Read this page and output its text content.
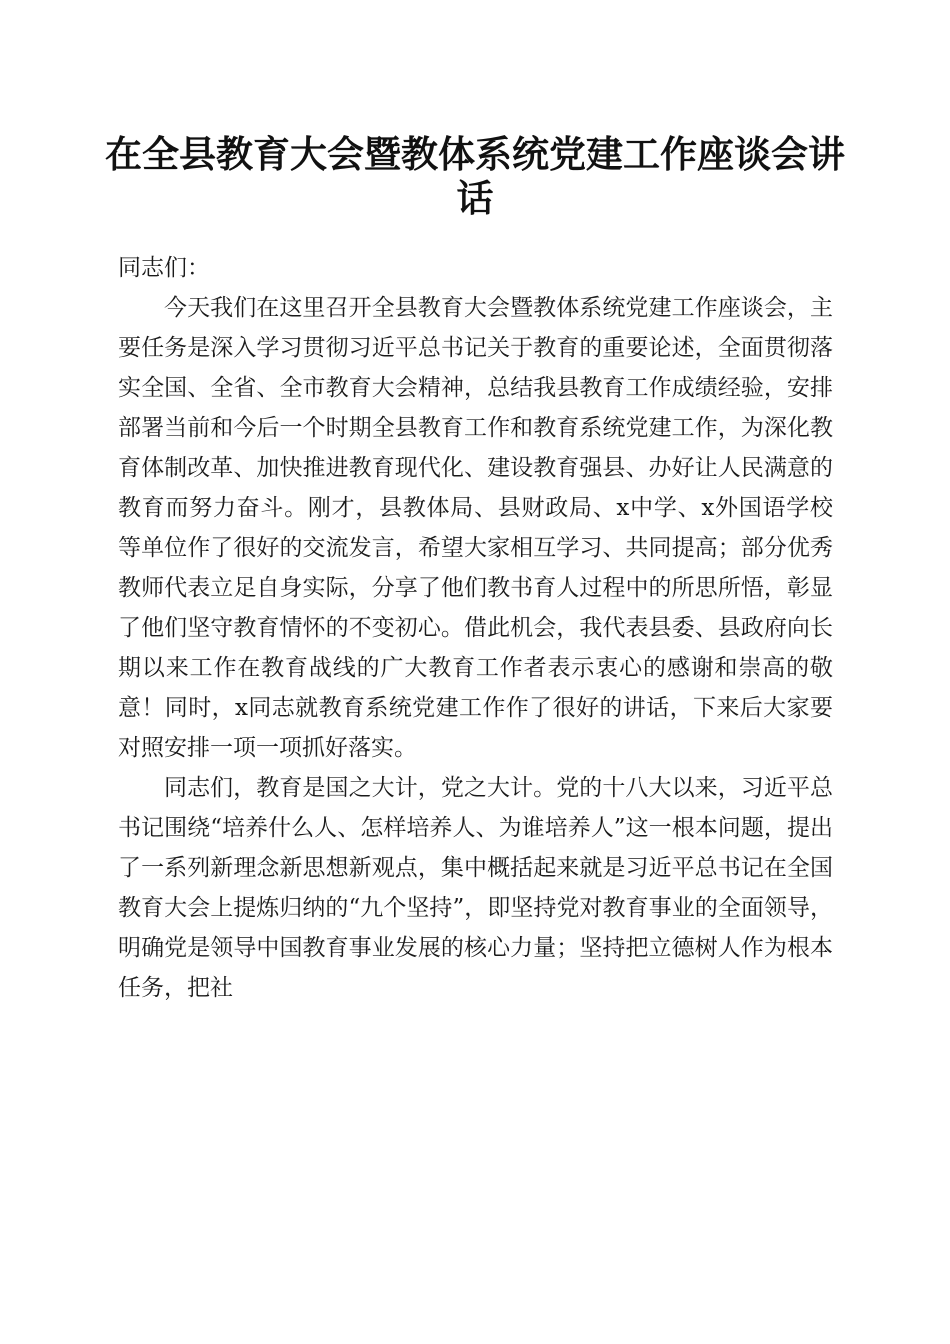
在全县教育大会暨教体系统党建工作座谈会讲话

同志们：

今天我们在这里召开全县教育大会暨教体系统党建工作座谈会，主要任务是深入学习贯彻习近平总书记关于教育的重要论述，全面贯彻落实全国、全省、全市教育大会精神，总结我县教育工作成绩经验，安排部署当前和今后一个时期全县教育工作和教育系统党建工作，为深化教育体制改革、加快推进教育现代化、建设教育强县、办好让人民满意的教育而努力奋斗。刚才，县教体局、县财政局、x中学、x外国语学校等单位作了很好的交流发言，希望大家相互学习、共同提高；部分优秀教师代表立足自身实际，分享了他们教书育人过程中的所思所悟，彰显了他们坚守教育情怀的不变初心。借此机会，我代表县委、县政府向长期以来工作在教育战线的广大教育工作者表示衷心的感谢和崇高的敬意！同时，x同志就教育系统党建工作作了很好的讲话，下来后大家要对照安排一项一项抓好落实。

同志们，教育是国之大计，党之大计。党的十八大以来，习近平总书记围绕“培养什么人、怎样培养人、为谁培养人”这一根本问题，提出了一系列新理念新思想新观点，集中概括起来就是习近平总书记在全国教育大会上提炼归纳的“九个坚持”，即坚持党对教育事业的全面领导，明确党是领导中国教育事业发展的核心力量；坚持把立德树人作为根本任务，把社
